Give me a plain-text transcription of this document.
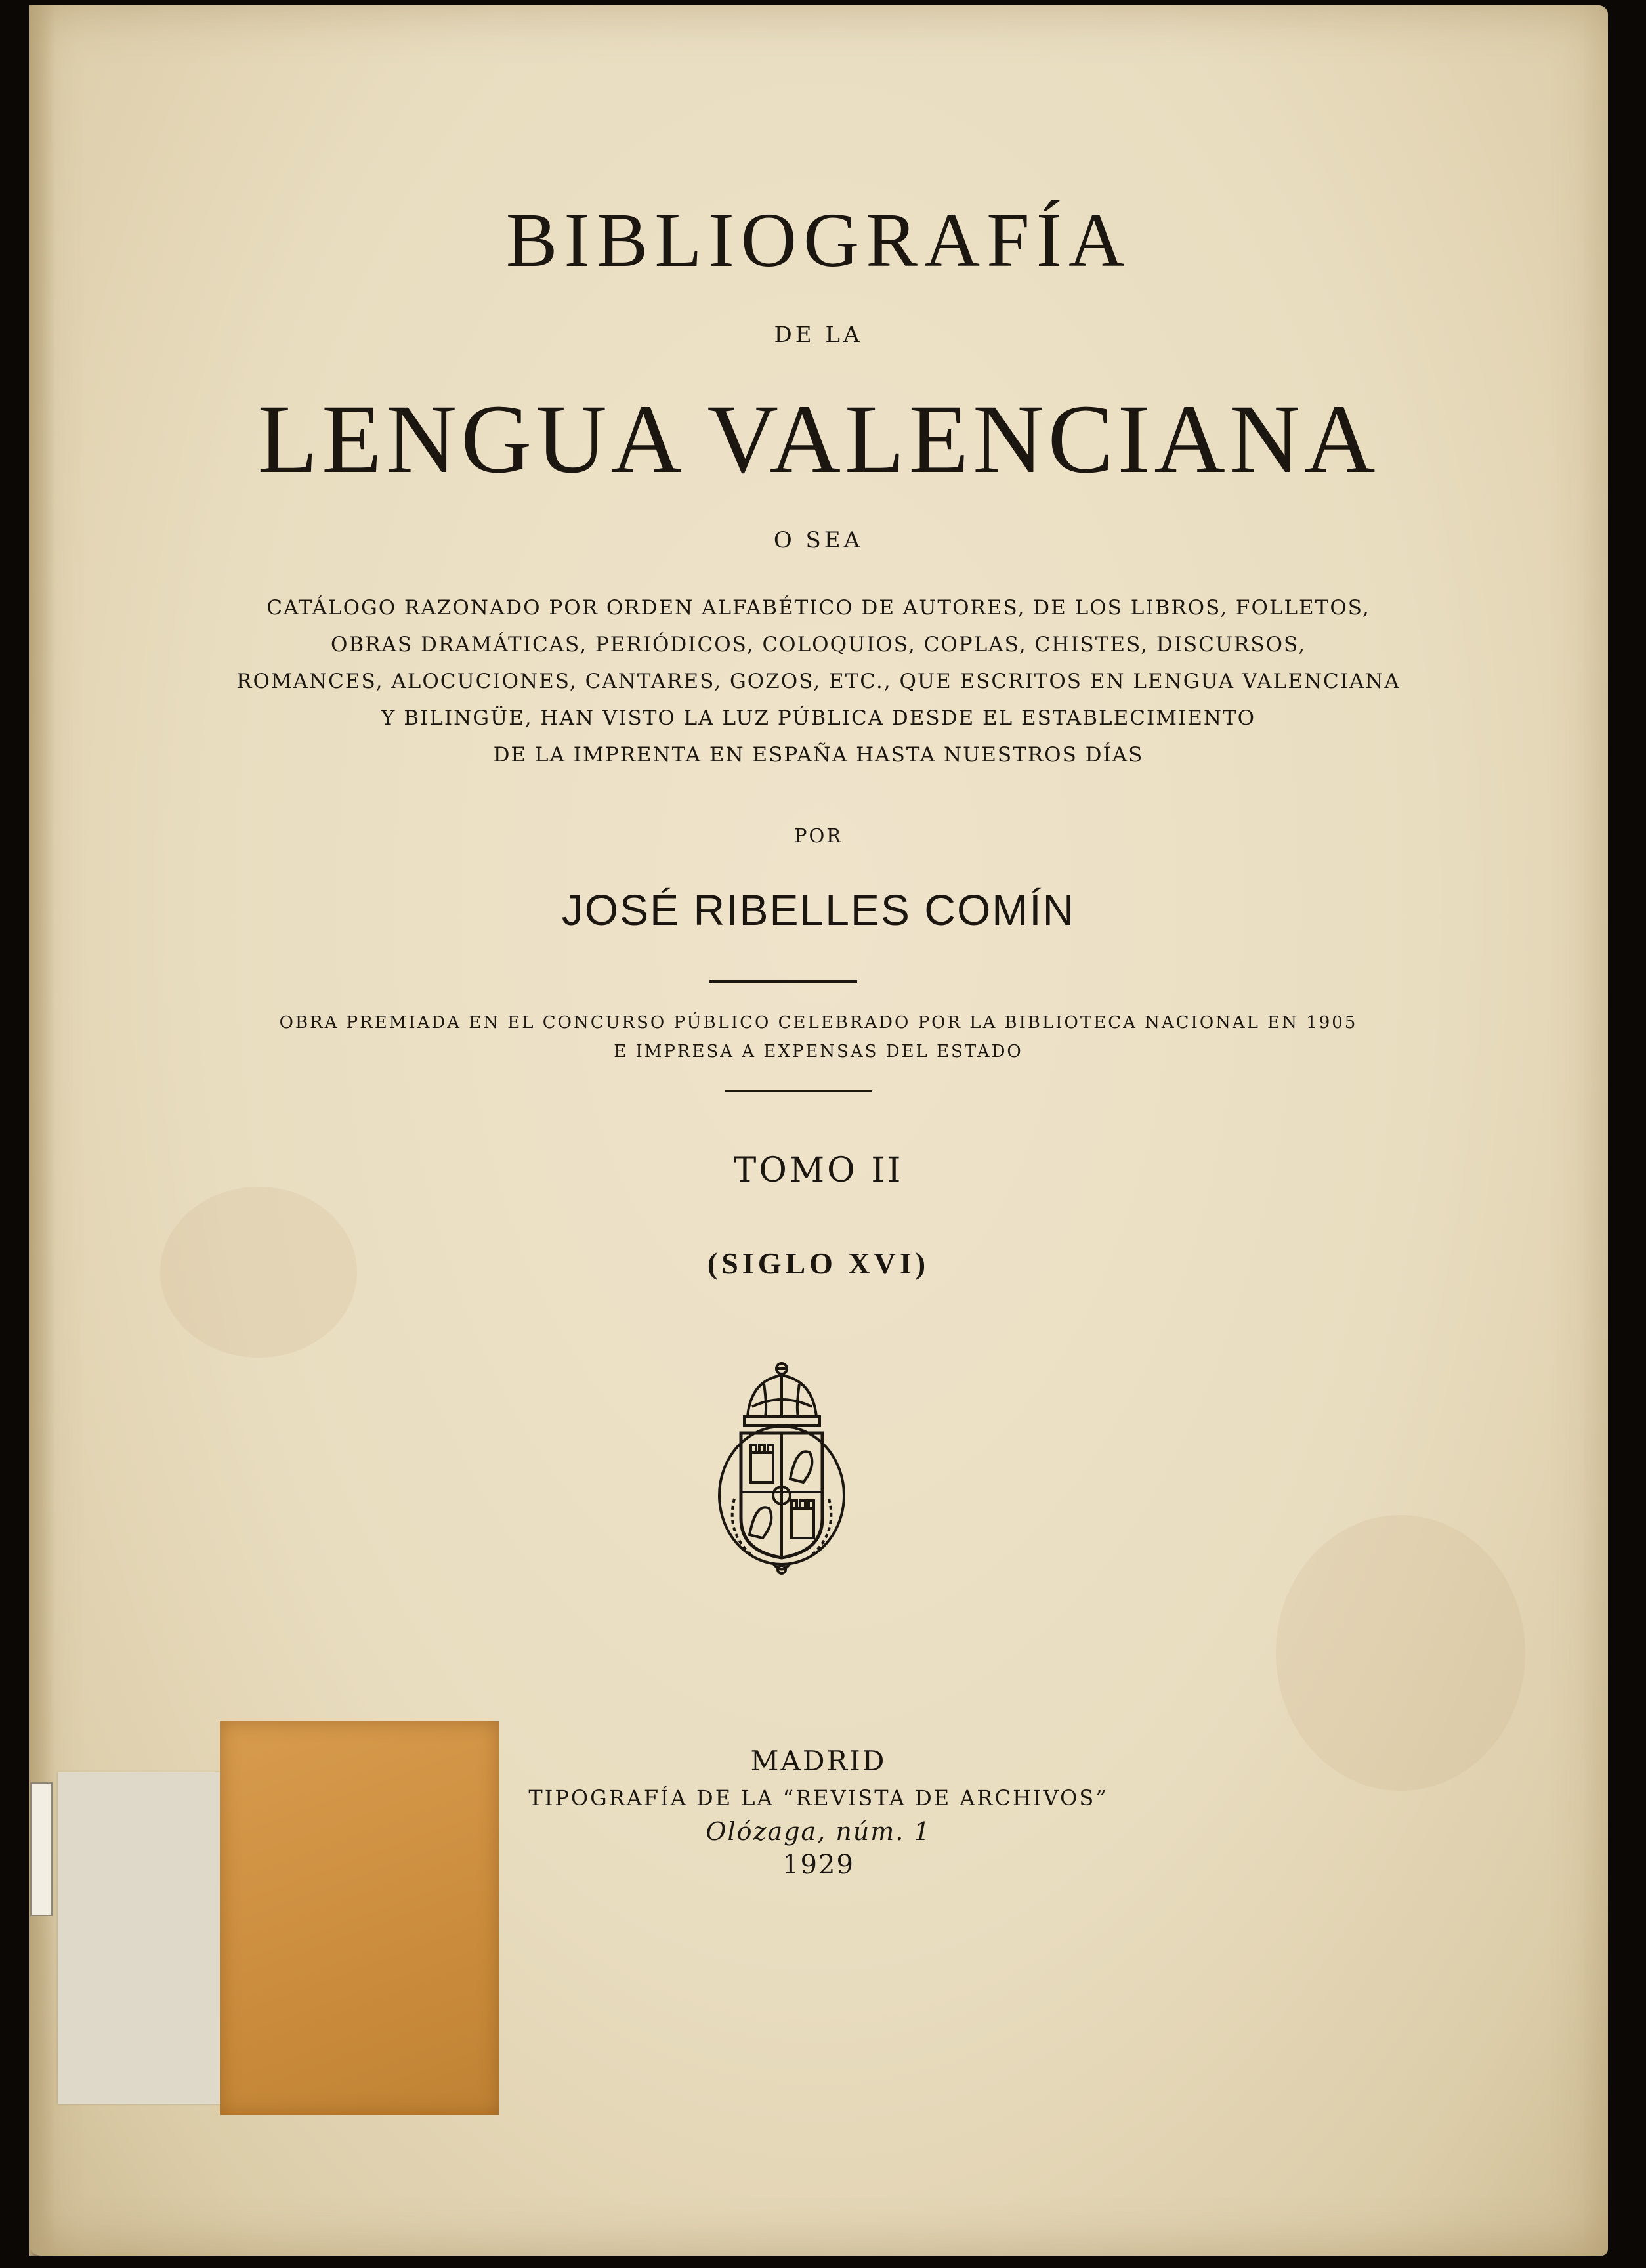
BIBLIOGRAFÍA
DE LA
LENGUA VALENCIANA
O SEA
CATÁLOGO RAZONADO POR ORDEN ALFABÉTICO DE AUTORES, DE LOS LIBROS, FOLLETOS,
OBRAS DRAMÁTICAS, PERIÓDICOS, COLOQUIOS, COPLAS, CHISTES, DISCURSOS,
ROMANCES, ALOCUCIONES, CANTARES, GOZOS, ETC., QUE ESCRITOS EN LENGUA VALENCIANA
Y BILINGÜE, HAN VISTO LA LUZ PÚBLICA DESDE EL ESTABLECIMIENTO
DE LA IMPRENTA EN ESPAÑA HASTA NUESTROS DÍAS
POR
JOSÉ RIBELLES COMÍN
OBRA PREMIADA EN EL CONCURSO PÚBLICO CELEBRADO POR LA BIBLIOTECA NACIONAL EN 1905
E IMPRESA A EXPENSAS DEL ESTADO
TOMO II
(SIGLO XVI)
MADRID
TIPOGRAFÍA DE LA “REVISTA DE ARCHIVOS”
Olózaga, núm. 1
1929
